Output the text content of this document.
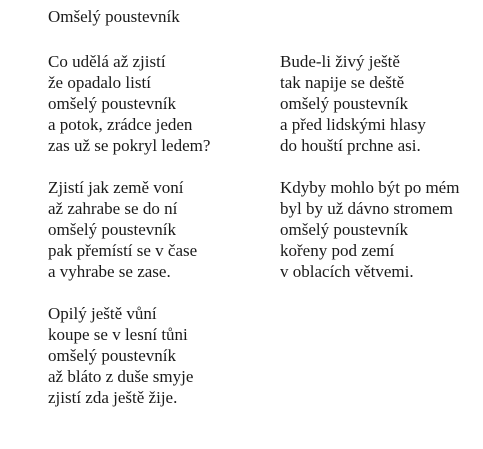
Omšelý poustevník
Co udělá až zjistí
že opadalo listí
omšelý poustevník
a potok, zrádce jeden
zas už se pokryl ledem?
Zjistí jak země voní
až zahrabe se do ní
omšelý poustevník
pak přemístí se v čase
a vyhrabe se zase.
Opilý ještě vůní
koupe se v lesní tůni
omšelý poustevník
až bláto z duše smyje
zjistí zda ještě žije.
Bude-li živý ještě
tak napije se deště
omšelý poustevník
a před lidskými hlasy
do houští prchne asi.
Kdyby mohlo být po mém
byl by už dávno stromem
omšelý poustevník
kořeny pod zemí
v oblacích větvemi.
